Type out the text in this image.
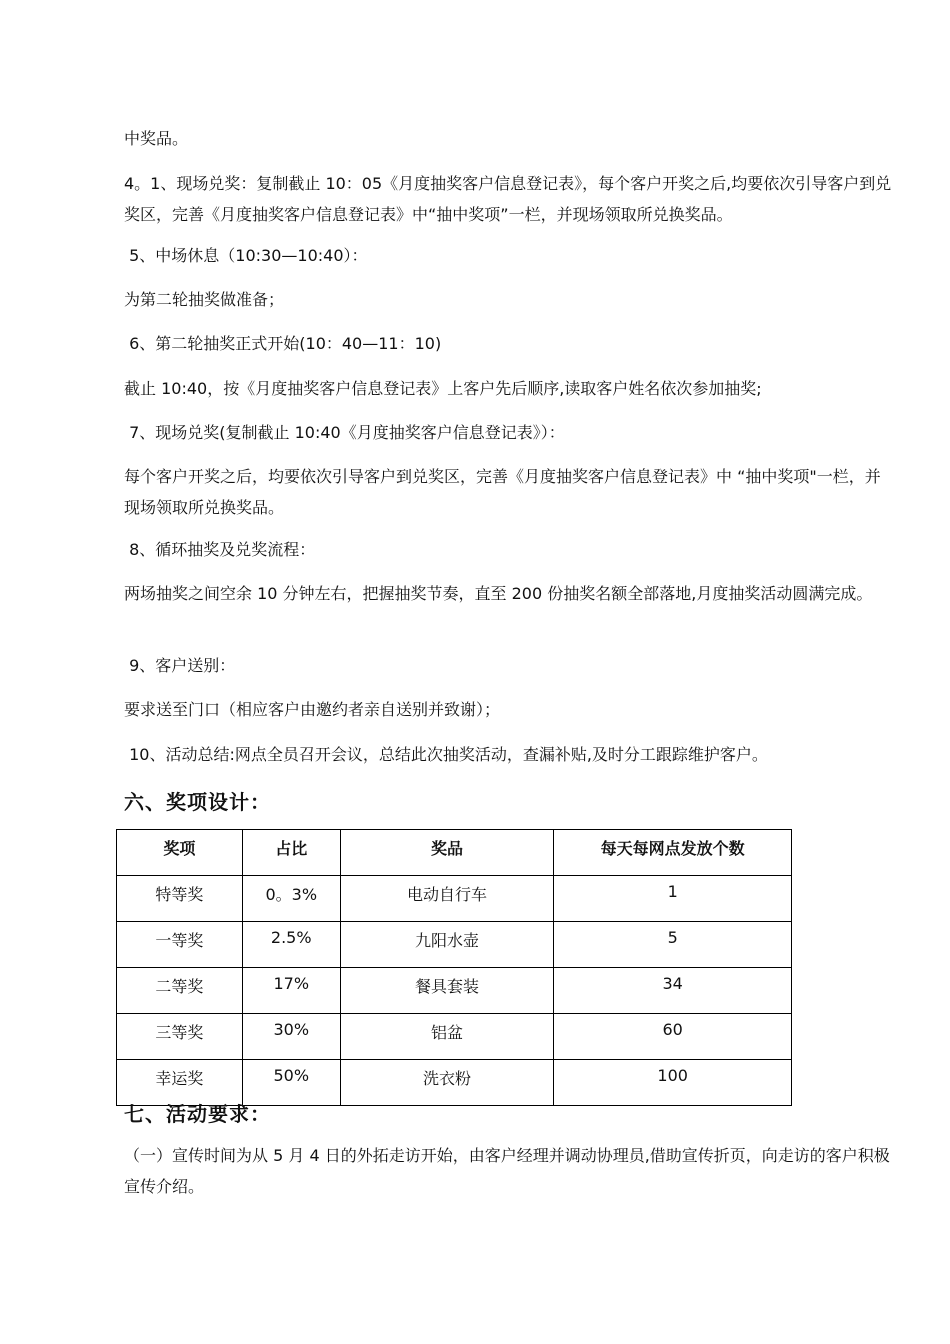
中奖品。

4。1、现场兑奖：复制截止 10：05《月度抽奖客户信息登记表》，每个客户开奖之后,均要依次引导客户到兑奖区，完善《月度抽奖客户信息登记表》中“抽中奖项”一栏，并现场领取所兑换奖品。

5、中场休息（10:30—10:40）：

为第二轮抽奖做准备；

6、第二轮抽奖正式开始(10：40—11：10)

截止 10:40，按《月度抽奖客户信息登记表》上客户先后顺序,读取客户姓名依次参加抽奖;

7、现场兑奖(复制截止 10:40《月度抽奖客户信息登记表》）：

每个客户开奖之后，均要依次引导客户到兑奖区，完善《月度抽奖客户信息登记表》中 “抽中奖项"一栏，并现场领取所兑换奖品。

8、循环抽奖及兑奖流程：

两场抽奖之间空余 10 分钟左右，把握抽奖节奏，直至 200 份抽奖名额全部落地,月度抽奖活动圆满完成。

9、客户送别：

要求送至门口（相应客户由邀约者亲自送别并致谢）；

10、活动总结:网点全员召开会议，总结此次抽奖活动，查漏补贴,及时分工跟踪维护客户。

六、奖项设计：
奖项	占比	奖品	每天每网点发放个数
特等奖	0。3%	电动自行车	1
一等奖	2.5%	九阳水壶	5
二等奖	17%	餐具套装	34
三等奖	30%	铝盆	60
幸运奖	50%	洗衣粉	100
七、活动要求：

（一）宣传时间为从 5 月 4 日的外拓走访开始，由客户经理并调动协理员,借助宣传折页，向走访的客户积极宣传介绍。
